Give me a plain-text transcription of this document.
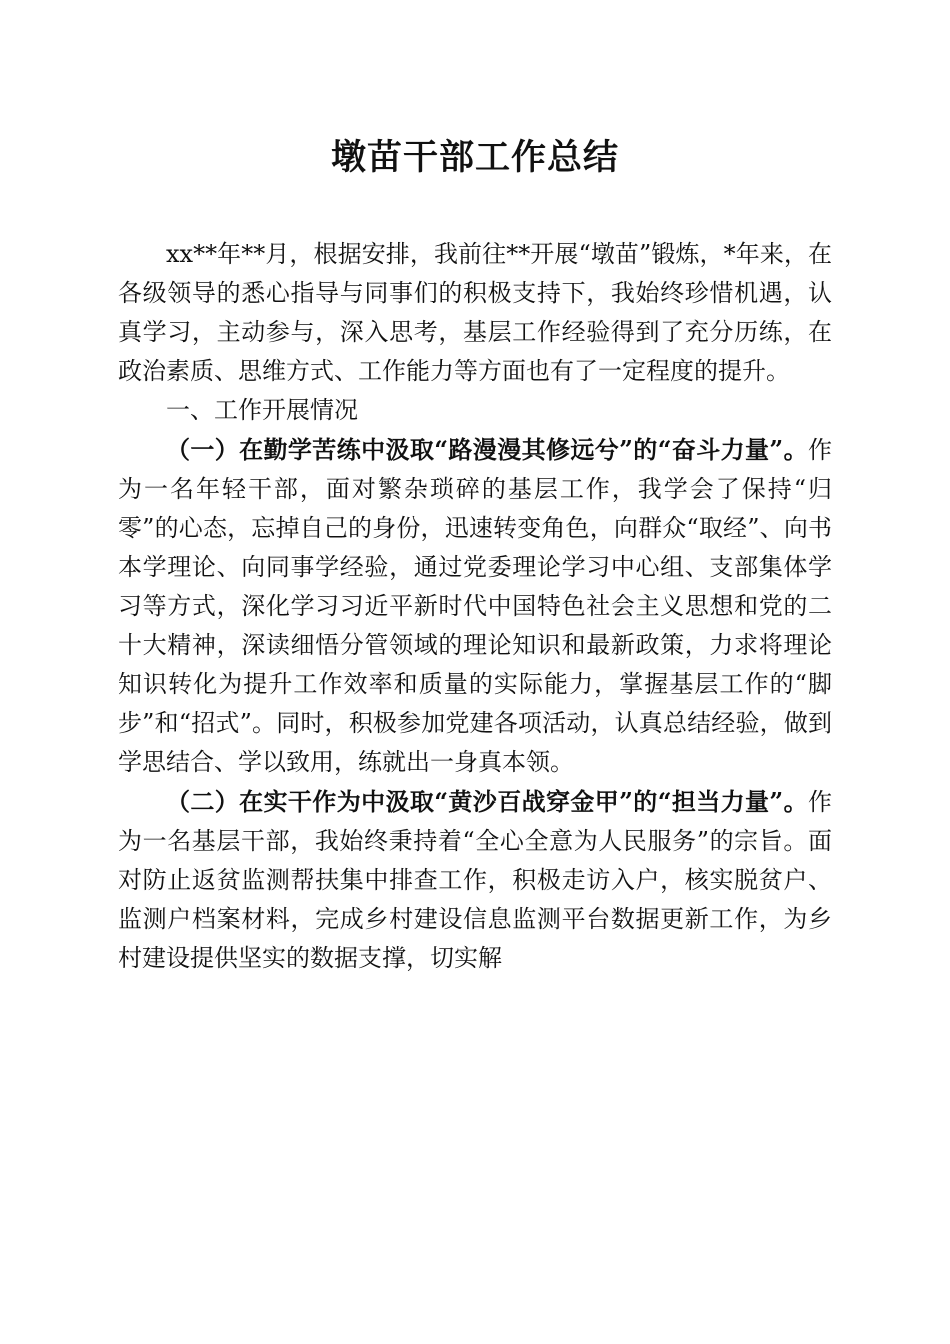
墩苗干部工作总结

xx**年**月，根据安排，我前往**开展“墩苗”锻炼，*年来，在各级领导的悉心指导与同事们的积极支持下，我始终珍惜机遇，认真学习，主动参与，深入思考，基层工作经验得到了充分历练，在政治素质、思维方式、工作能力等方面也有了一定程度的提升。

一、工作开展情况

（一）在勤学苦练中汲取“路漫漫其修远兮”的“奋斗力量”。作为一名年轻干部，面对繁杂琐碎的基层工作，我学会了保持“归零”的心态，忘掉自己的身份，迅速转变角色，向群众“取经”、向书本学理论、向同事学经验，通过党委理论学习中心组、支部集体学习等方式，深化学习习近平新时代中国特色社会主义思想和党的二十大精神，深读细悟分管领域的理论知识和最新政策，力求将理论知识转化为提升工作效率和质量的实际能力，掌握基层工作的“脚步”和“招式”。同时，积极参加党建各项活动，认真总结经验，做到学思结合、学以致用，练就出一身真本领。

（二）在实干作为中汲取“黄沙百战穿金甲”的“担当力量”。作为一名基层干部，我始终秉持着“全心全意为人民服务”的宗旨。面对防止返贫监测帮扶集中排查工作，积极走访入户，核实脱贫户、监测户档案材料，完成乡村建设信息监测平台数据更新工作，为乡村建设提供坚实的数据支撑，切实解
